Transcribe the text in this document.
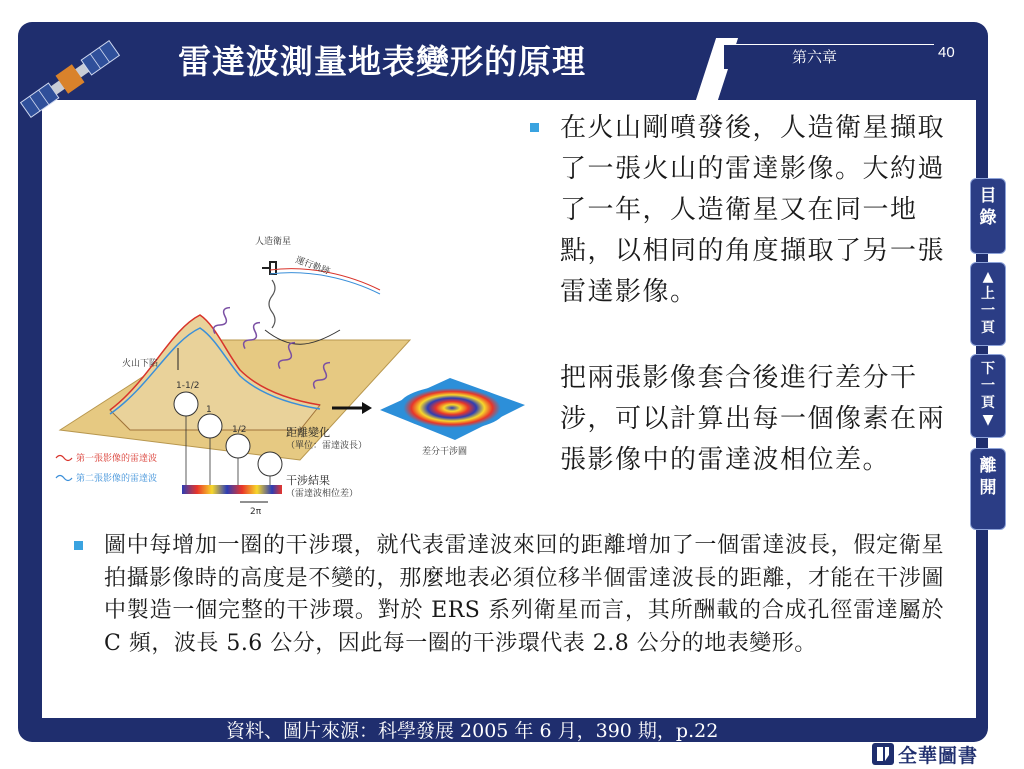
雷達波測量地表變形的原理	第六章	40
人造衛星
運行軌跡
火山下陷
1-1/2
1
1/2	距離變化
（單位：雷達波長）
干涉結果
（雷達波相位差）
2π
第一張影像的雷達波
第二張影像的雷達波
差分干涉圖
在火山剛噴發後，人造衛星擷取了一張火山的雷達影像。大約過了一年，人造衛星又在同一地點，以相同的角度擷取了另一張雷達影像。
把兩張影像套合後進行差分干涉，可以計算出每一個像素在兩張影像中的雷達波相位差。
圖中每增加一圈的干涉環，就代表雷達波來回的距離增加了一個雷達波長，假定衛星拍攝影像時的高度是不變的，那麼地表必須位移半個雷達波長的距離，才能在干涉圖中製造一個完整的干涉環。對於 ERS 系列衛星而言，其所酬載的合成孔徑雷達屬於 C 頻，波長 5.6 公分，因此每一圈的干涉環代表 2.8 公分的地表變形。
目
錄
▲
上
一
頁
下
一
頁
▼
離
開
資料、圖片來源：科學發展 2005 年 6 月，390 期，p.22
全華圖書
